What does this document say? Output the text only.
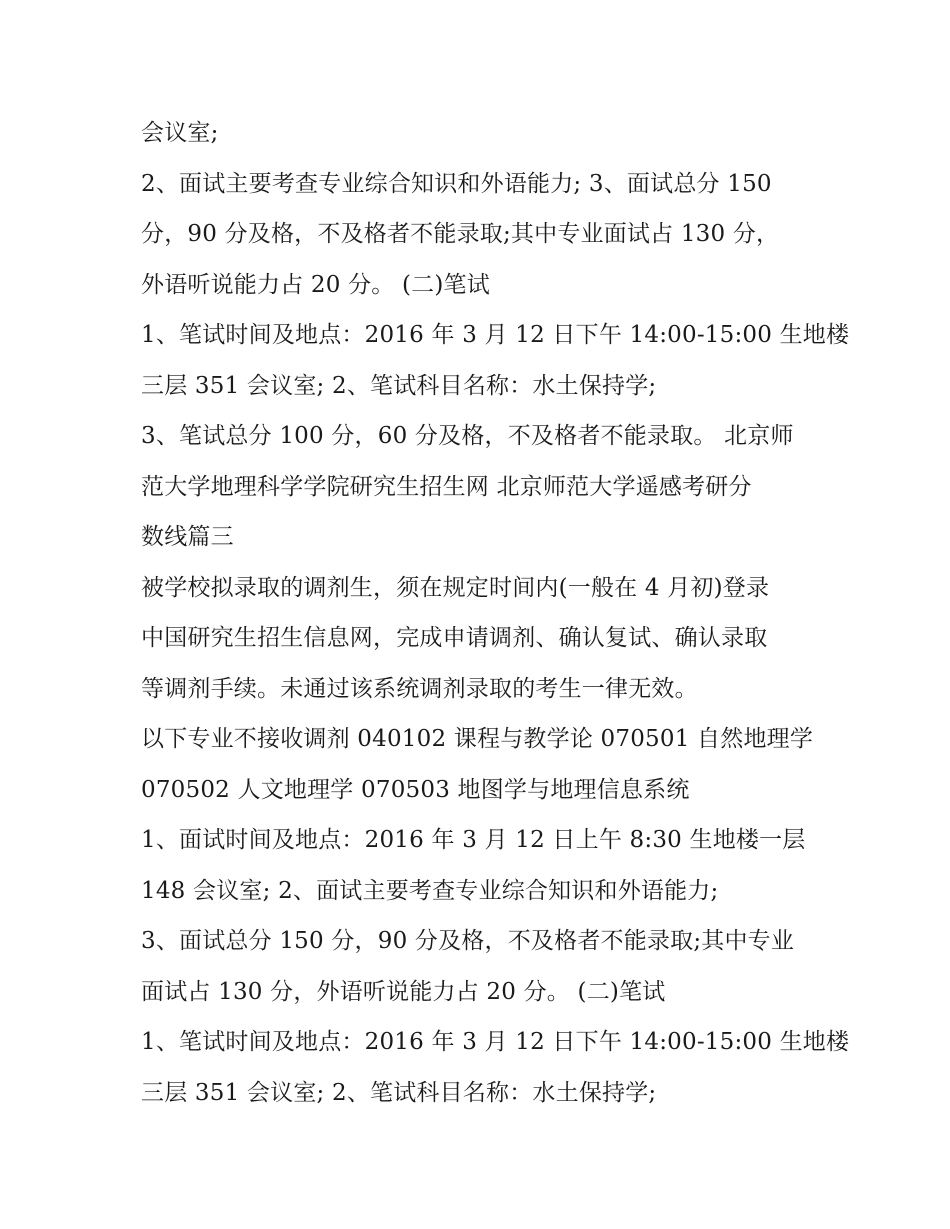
会议室;
2、面试主要考查专业综合知识和外语能力; 3、面试总分 150
分，90 分及格，不及格者不能录取;其中专业面试占 130 分，
外语听说能力占 20 分。 (二)笔试
1、笔试时间及地点：2016 年 3 月 12 日下午 14:00-15:00 生地楼
三层 351 会议室; 2、笔试科目名称：水土保持学;
3、笔试总分 100 分，60 分及格，不及格者不能录取。 北京师
范大学地理科学学院研究生招生网 北京师范大学遥感考研分
数线篇三
被学校拟录取的调剂生，须在规定时间内(一般在 4 月初)登录
中国研究生招生信息网，完成申请调剂、确认复试、确认录取
等调剂手续。未通过该系统调剂录取的考生一律无效。
以下专业不接收调剂 040102 课程与教学论 070501 自然地理学
070502 人文地理学 070503 地图学与地理信息系统
1、面试时间及地点：2016 年 3 月 12 日上午 8:30 生地楼一层
148 会议室; 2、面试主要考查专业综合知识和外语能力;
3、面试总分 150 分，90 分及格，不及格者不能录取;其中专业
面试占 130 分，外语听说能力占 20 分。 (二)笔试
1、笔试时间及地点：2016 年 3 月 12 日下午 14:00-15:00 生地楼
三层 351 会议室; 2、笔试科目名称：水土保持学;
